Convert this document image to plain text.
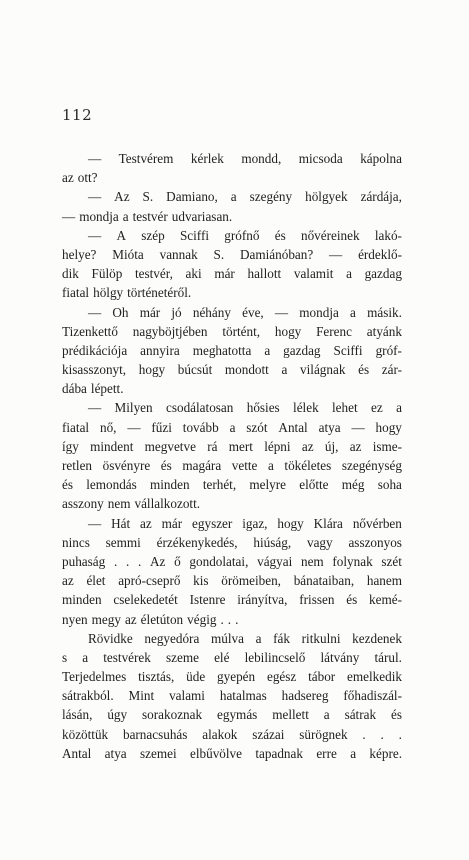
112
— Testvérem kérlek mondd, micsoda kápolna
az ott?
— Az S. Damiano, a szegény hölgyek zárdája,
— mondja a testvér udvariasan.
— A szép Sciffi grófnő és nővéreinek lakó-
helye? Mióta vannak S. Damiánóban? — érdeklő-
dik Fülöp testvér, aki már hallott valamit a gazdag
fiatal hölgy történetéről.
— Oh már jó néhány éve, — mondja a másik.
Tizenkettő nagyböjtjében történt, hogy Ferenc atyánk
prédikációja annyira meghatotta a gazdag Sciffi gróf-
kisasszonyt, hogy búcsút mondott a világnak és zár-
dába lépett.
— Milyen csodálatosan hősies lélek lehet ez a
fiatal nő, — fűzi tovább a szót Antal atya — hogy
így mindent megvetve rá mert lépni az új, az isme-
retlen ösvényre és magára vette a tökéletes szegénység
és lemondás minden terhét, melyre előtte még soha
asszony nem vállalkozott.
— Hát az már egyszer igaz, hogy Klára nővérben
nincs semmi érzékenykedés, hiúság, vagy asszonyos
puhaság . . . Az ő gondolatai, vágyai nem folynak szét
az élet apró-cseprő kis örömeiben, bánataiban, hanem
minden cselekedetét Istenre irányítva, frissen és kemé-
nyen megy az életúton végig . . .
Rövidke negyedóra múlva a fák ritkulni kezdenek
s a testvérek szeme elé lebilincselő látvány tárul.
Terjedelmes tisztás, üde gyepén egész tábor emelkedik
sátrakból. Mint valami hatalmas hadsereg főhadiszál-
lásán, úgy sorakoznak egymás mellett a sátrak és
közöttük barnacsuhás alakok százai sürögnek . . .
Antal atya szemei elbűvölve tapadnak erre a képre.
